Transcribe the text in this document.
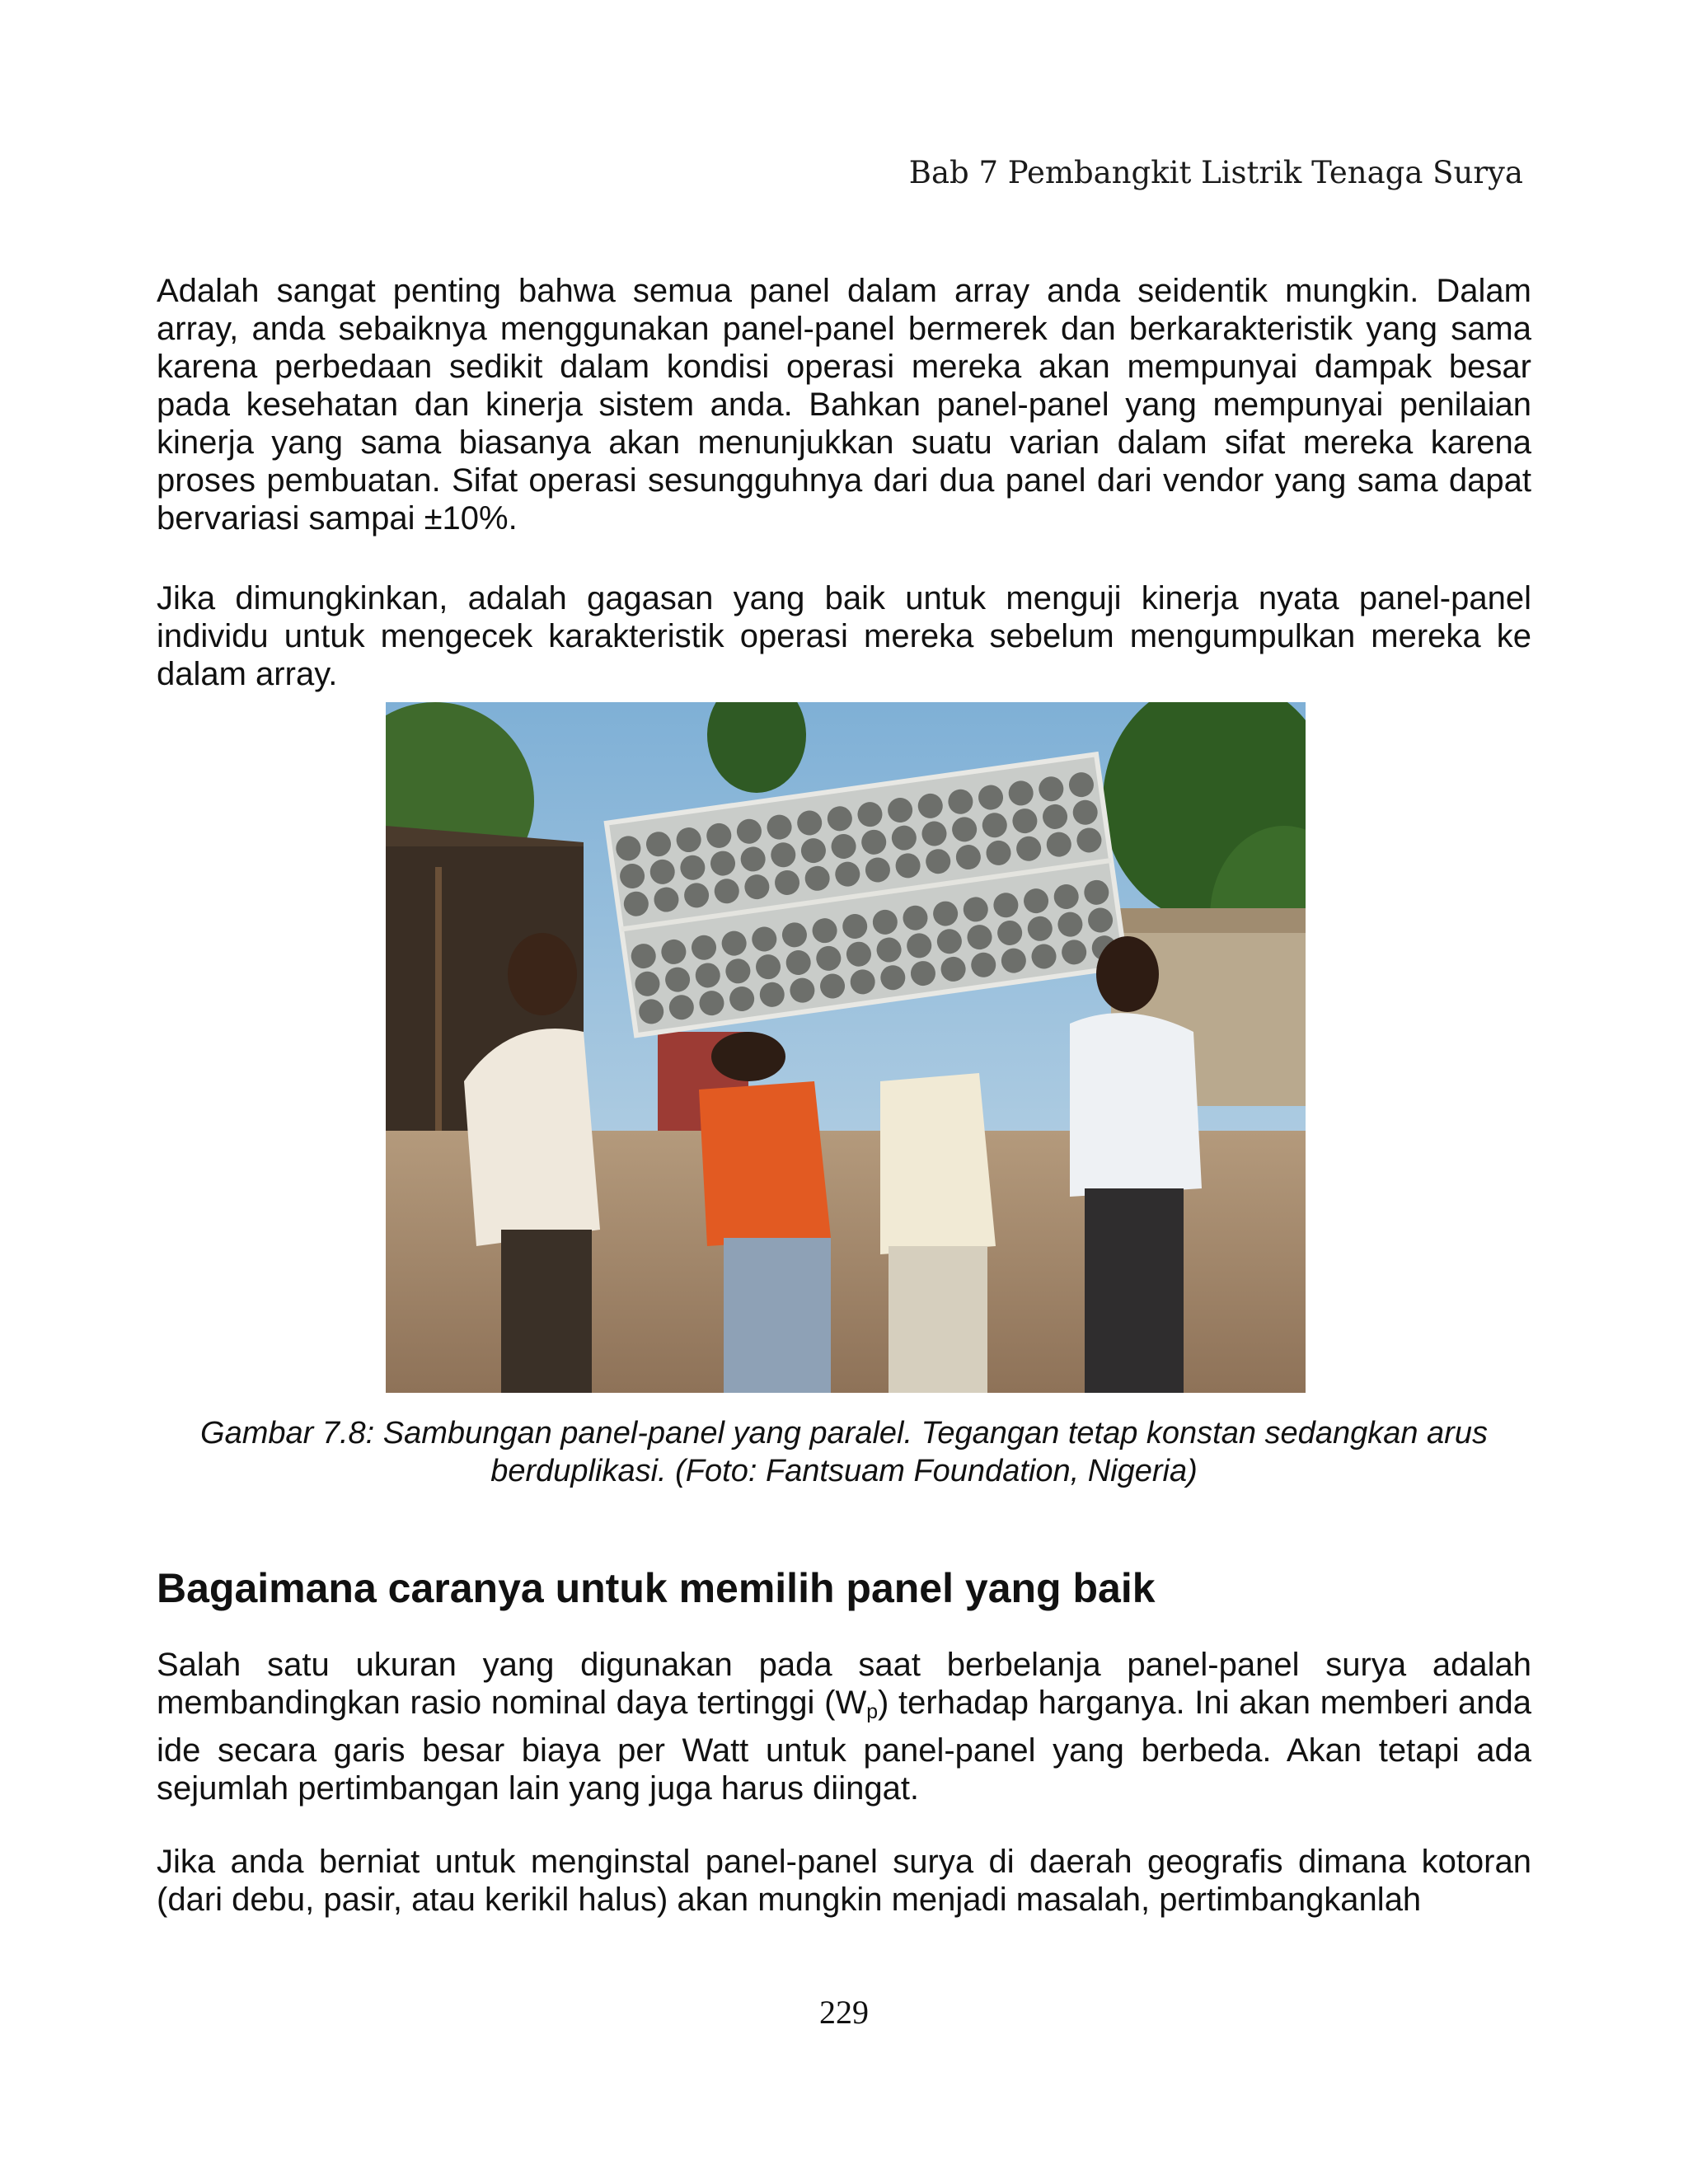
Bab 7 Pembangkit Listrik Tenaga Surya

Adalah sangat penting bahwa semua panel dalam array anda seidentik mungkin. Dalam array, anda sebaiknya menggunakan panel-panel bermerek dan berkarakteristik yang sama karena perbedaan sedikit dalam kondisi operasi mereka akan mempunyai dampak besar pada kesehatan dan kinerja sistem anda. Bahkan panel-panel yang mempunyai penilaian kinerja yang sama biasanya akan menunjukkan suatu varian dalam sifat mereka karena proses pembuatan. Sifat operasi sesungguhnya dari dua panel dari vendor yang sama dapat bervariasi sampai ±10%.

Jika dimungkinkan, adalah gagasan yang baik untuk menguji kinerja nyata panel-panel individu untuk mengecek karakteristik operasi mereka sebelum mengumpulkan mereka ke dalam array.

Gambar 7.8: Sambungan panel-panel yang paralel. Tegangan tetap konstan sedangkan arus
berduplikasi. (Foto: Fantsuam Foundation, Nigeria)
Bagaimana caranya untuk memilih panel yang baik

Salah satu ukuran yang digunakan pada saat berbelanja panel-panel surya adalah membandingkan rasio nominal daya tertinggi $(W_p)$ terhadap harganya. Ini akan memberi anda ide secara garis besar biaya per Watt untuk panel-panel yang berbeda. Akan tetapi ada sejumlah pertimbangan lain yang juga harus diingat.

Jika anda berniat untuk menginstal panel-panel surya di daerah geografis dimana kotoran (dari debu, pasir, atau kerikil halus) akan mungkin menjadi masalah, pertimbangkanlah

229
